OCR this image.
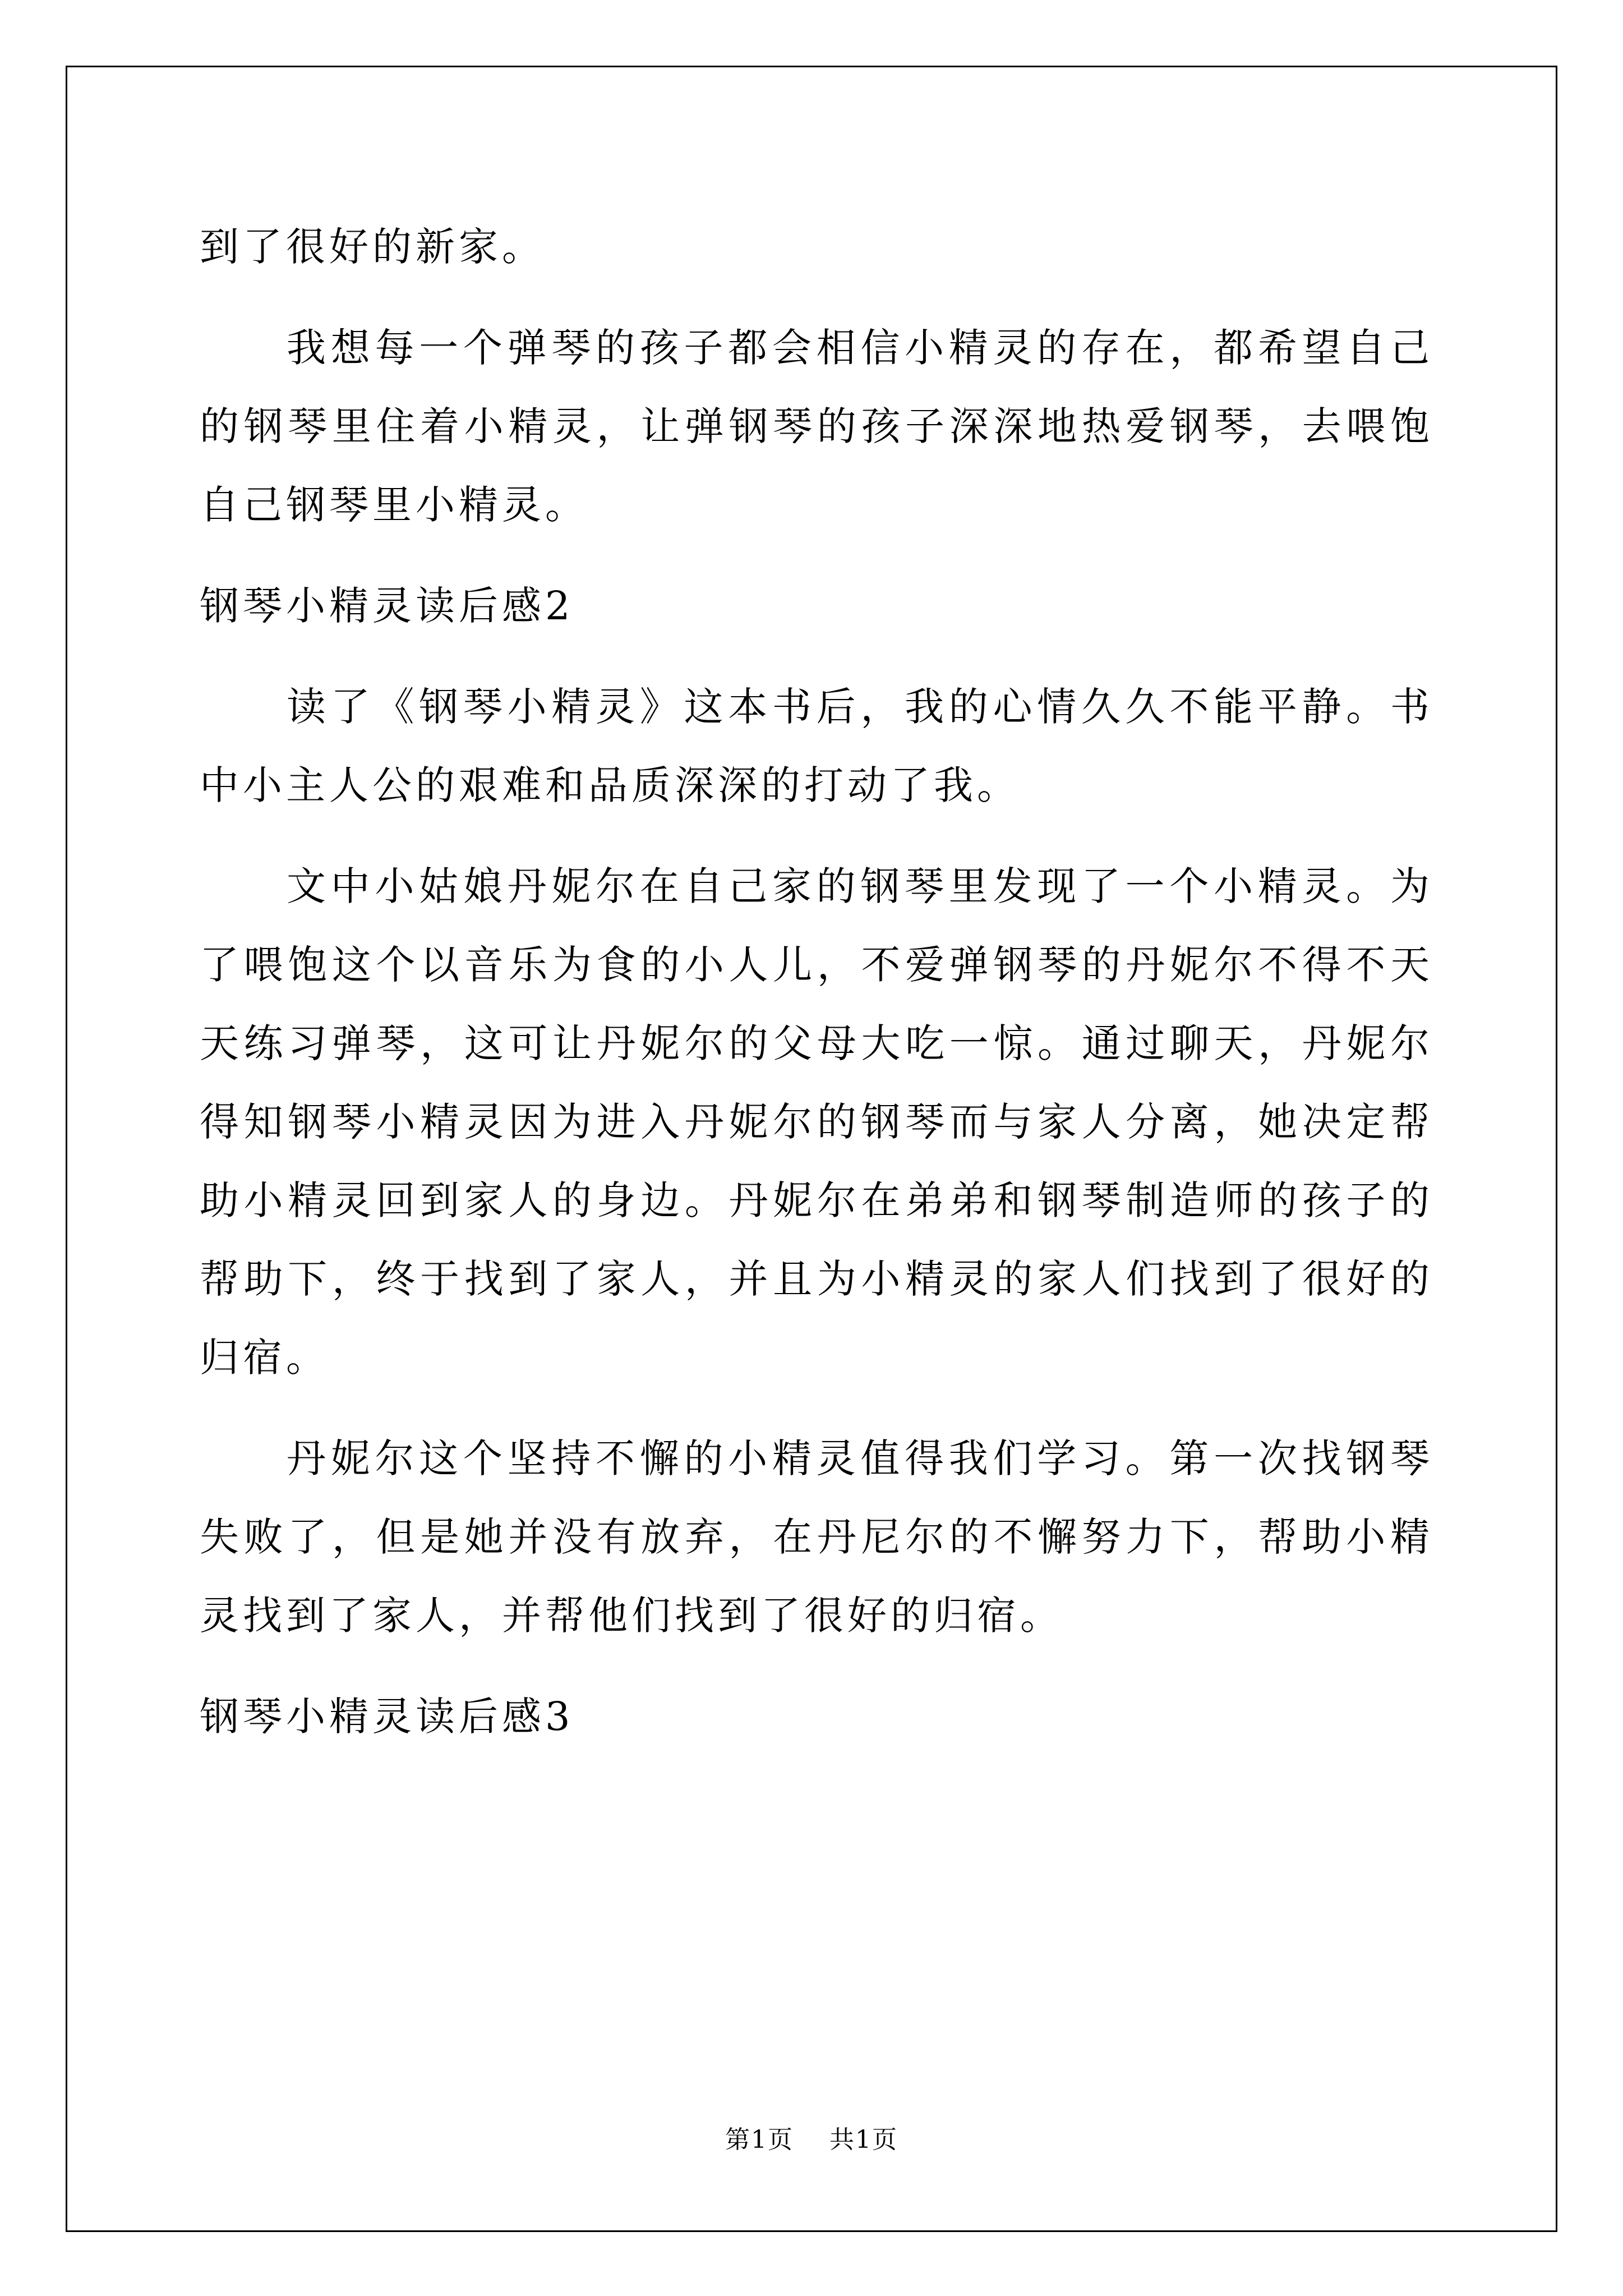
到了很好的新家。

我想每一个弹琴的孩子都会相信小精灵的存在，都希望自己的钢琴里住着小精灵，让弹钢琴的孩子深深地热爱钢琴，去喂饱自己钢琴里小精灵。

钢琴小精灵读后感2

读了《钢琴小精灵》这本书后，我的心情久久不能平静。书中小主人公的艰难和品质深深的打动了我。

文中小姑娘丹妮尔在自己家的钢琴里发现了一个小精灵。为了喂饱这个以音乐为食的小人儿，不爱弹钢琴的丹妮尔不得不天天练习弹琴，这可让丹妮尔的父母大吃一惊。通过聊天，丹妮尔得知钢琴小精灵因为进入丹妮尔的钢琴而与家人分离，她决定帮助小精灵回到家人的身边。丹妮尔在弟弟和钢琴制造师的孩子的帮助下，终于找到了家人，并且为小精灵的家人们找到了很好的归宿。

丹妮尔这个坚持不懈的小精灵值得我们学习。第一次找钢琴失败了，但是她并没有放弃，在丹尼尔的不懈努力下，帮助小精灵找到了家人，并帮他们找到了很好的归宿。

钢琴小精灵读后感3

第1页 共1页
